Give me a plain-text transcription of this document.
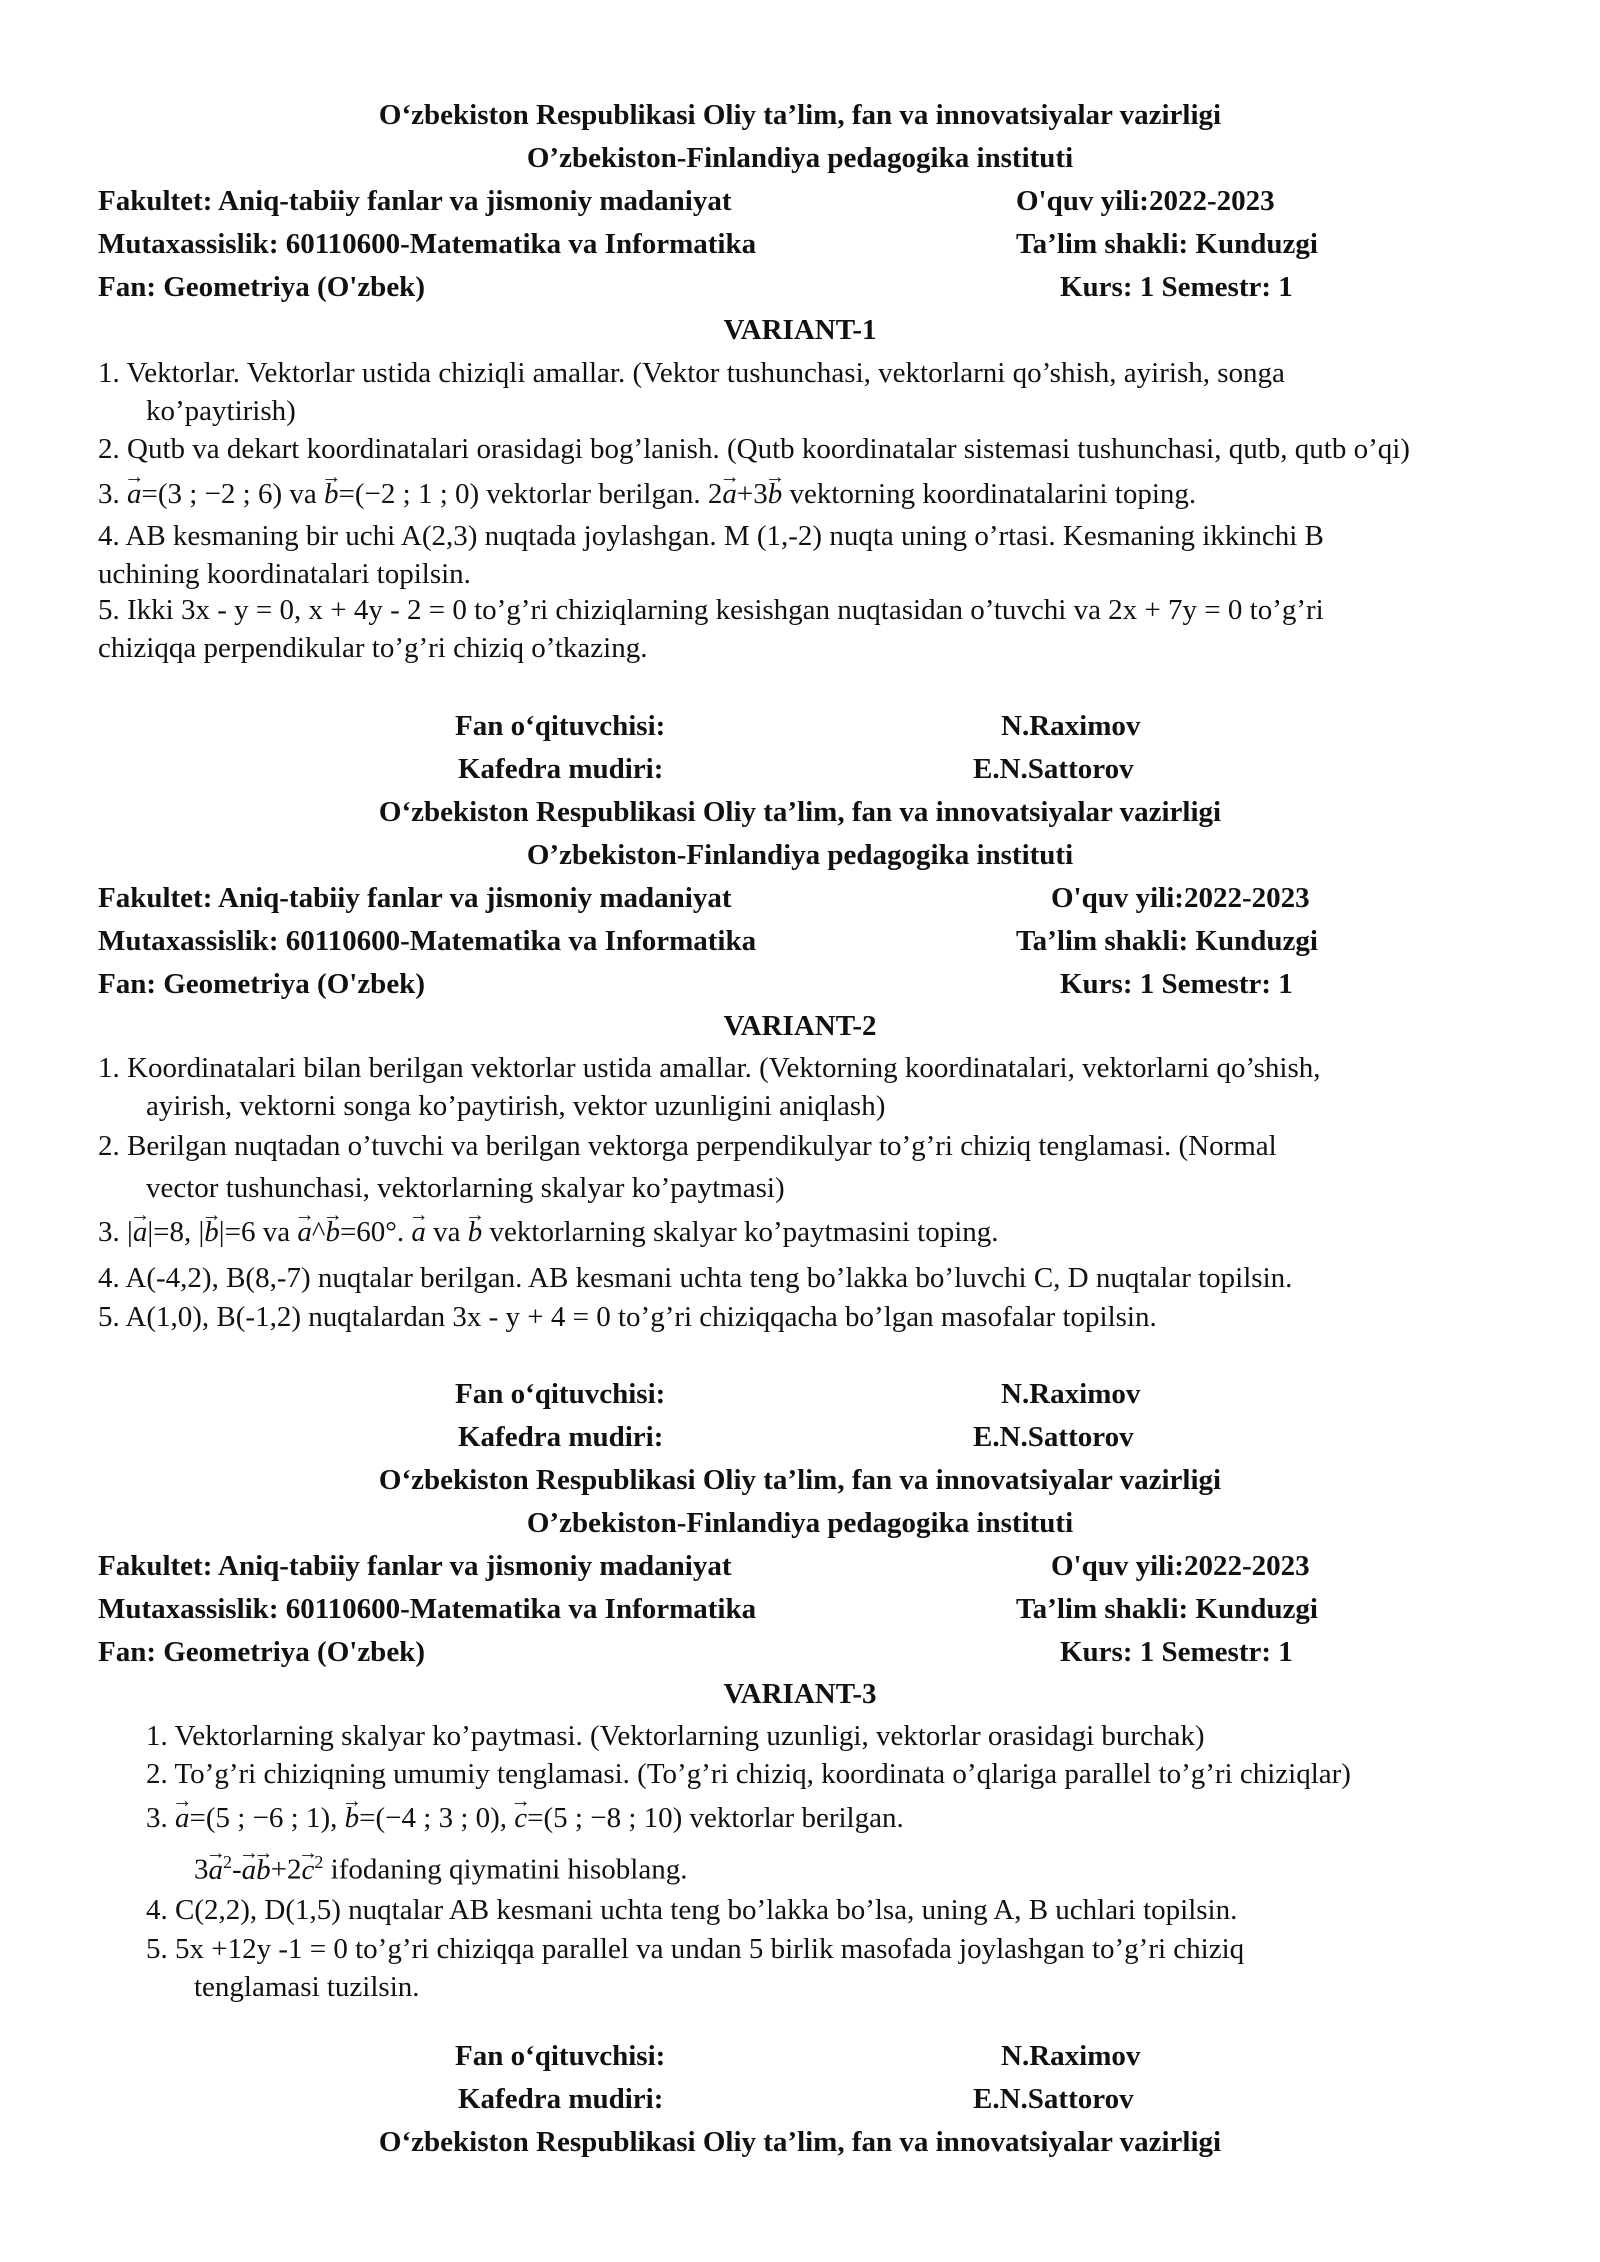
O‘zbekiston Respublikasi Oliy ta’lim, fan va innovatsiyalar vazirligi
O’zbekiston-Finlandiya pedagogika instituti
Fakultet: Aniq-tabiiy fanlar va jismoniy madaniyat	O'quv yili:2022-2023
Mutaxassislik: 60110600-Matematika va Informatika	Ta’lim shakli: Kunduzgi
Fan: Geometriya (O'zbek)	Kurs: 1 Semestr: 1
VARIANT-1
1. Vektorlar. Vektorlar ustida chiziqli amallar. (Vektor tushunchasi, vektorlarni qo’shish, ayirish, songa
ko’paytirish)
2. Qutb va dekart koordinatalari orasidagi bog’lanish. (Qutb koordinatalar sistemasi tushunchasi, qutb, qutb o’qi)
3. → a=(3 ; −2 ; 6) va → b=(−2 ; 1 ; 0) vektorlar berilgan. 2→ a+3→ b vektorning koordinatalarini toping.
4. AB kesmaning bir uchi A(2,3) nuqtada joylashgan. M (1,-2) nuqta uning o’rtasi. Kesmaning ikkinchi B
uchining koordinatalari topilsin.
5. Ikki 3x - y = 0, x + 4y - 2 = 0 to’g’ri chiziqlarning kesishgan nuqtasidan o’tuvchi va 2x + 7y = 0 to’g’ri
chiziqqa perpendikular to’g’ri chiziq o’tkazing.
Fan o‘qituvchisi:	N.Raximov
Kafedra mudiri:	E.N.Sattorov
O‘zbekiston Respublikasi Oliy ta’lim, fan va innovatsiyalar vazirligi
O’zbekiston-Finlandiya pedagogika instituti
Fakultet: Aniq-tabiiy fanlar va jismoniy madaniyat	O'quv yili:2022-2023
Mutaxassislik: 60110600-Matematika va Informatika	Ta’lim shakli: Kunduzgi
Fan: Geometriya (O'zbek)	Kurs: 1 Semestr: 1
VARIANT-2
1. Koordinatalari bilan berilgan vektorlar ustida amallar. (Vektorning koordinatalari, vektorlarni qo’shish,
ayirish, vektorni songa ko’paytirish, vektor uzunligini aniqlash)
2. Berilgan nuqtadan o’tuvchi va berilgan vektorga perpendikulyar to’g’ri chiziq tenglamasi. (Normal
vector tushunchasi, vektorlarning skalyar ko’paytmasi)
3. |→ a|=8, |→ b|=6 va → a^→ b=60°. → a va → b vektorlarning skalyar ko’paytmasini toping.
4. A(-4,2), B(8,-7) nuqtalar berilgan. AB kesmani uchta teng bo’lakka bo’luvchi C, D nuqtalar topilsin.
5. A(1,0), B(-1,2) nuqtalardan 3x - y + 4 = 0 to’g’ri chiziqqacha bo’lgan masofalar topilsin.
Fan o‘qituvchisi:	N.Raximov
Kafedra mudiri:	E.N.Sattorov
O‘zbekiston Respublikasi Oliy ta’lim, fan va innovatsiyalar vazirligi
O’zbekiston-Finlandiya pedagogika instituti
Fakultet: Aniq-tabiiy fanlar va jismoniy madaniyat	O'quv yili:2022-2023
Mutaxassislik: 60110600-Matematika va Informatika	Ta’lim shakli: Kunduzgi
Fan: Geometriya (O'zbek)	Kurs: 1 Semestr: 1
VARIANT-3
1. Vektorlarning skalyar ko’paytmasi. (Vektorlarning uzunligi, vektorlar orasidagi burchak)
2. To’g’ri chiziqning umumiy tenglamasi. (To’g’ri chiziq, koordinata o’qlariga parallel to’g’ri chiziqlar)
3. → a=(5 ; −6 ; 1), → b=(−4 ; 3 ; 0), → c=(5 ; −8 ; 10) vektorlar berilgan.
$3\to a^2-\to a\to b+2\to c^2$ ifodaning qiymatini hisoblang.
4. C(2,2), D(1,5) nuqtalar AB kesmani uchta teng bo’lakka bo’lsa, uning A, B uchlari topilsin.
5. 5x +12y -1 = 0 to’g’ri chiziqqa parallel va undan 5 birlik masofada joylashgan to’g’ri chiziq
tenglamasi tuzilsin.
Fan o‘qituvchisi:	N.Raximov
Kafedra mudiri:	E.N.Sattorov
O‘zbekiston Respublikasi Oliy ta’lim, fan va innovatsiyalar vazirligi
